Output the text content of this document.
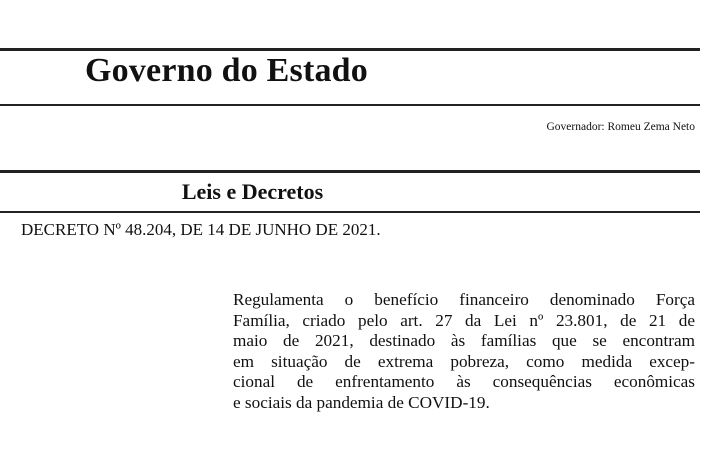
Governo do Estado
Governador: Romeu Zema Neto
Leis e Decretos
DECRETO Nº 48.204, DE 14 DE JUNHO DE 2021.
Regulamenta o benefício financeiro denominado Força
Família, criado pelo art. 27 da Lei nº 23.801, de 21 de
maio de 2021, destinado às famílias que se encontram
em situação de extrema pobreza, como medida excep-
cional de enfrentamento às consequências econômicas
e sociais da pandemia de COVID-19.
